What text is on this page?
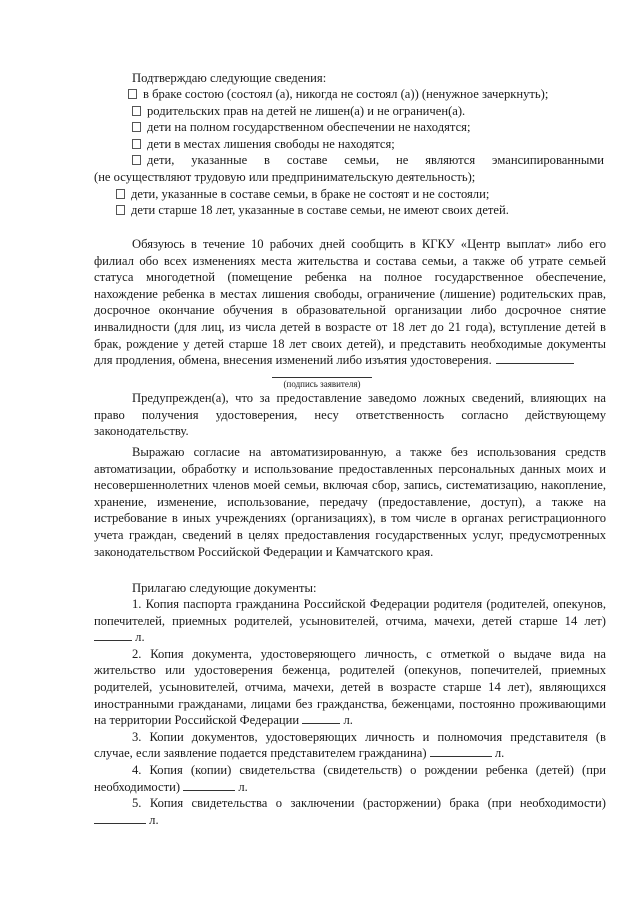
Подтверждаю следующие сведения:
в браке состою (состоял (а), никогда не состоял (а)) (ненужное зачеркнуть);
родительских прав на детей не лишен(а) и не ограничен(а).
дети на полном государственном обеспечении не находятся;
дети в местах лишения свободы не находятся;
дети, указанные в составе семьи, не являются эмансипированными
(не осуществляют трудовую или предпринимательскую деятельность);
дети, указанные в составе семьи, в браке не состоят и не состояли;
дети старше 18 лет, указанные в составе семьи, не имеют своих детей.

Обязуюсь в течение 10 рабочих дней сообщить в КГКУ «Центр выплат» либо его филиал обо всех изменениях места жительства и состава семьи, а также об утрате семьей статуса многодетной (помещение ребенка на полное государственное обеспечение, нахождение ребенка в местах лишения свободы, ограничение (лишение) родительских прав, досрочное окончание обучения в образовательной организации либо досрочное снятие инвалидности (для лиц, из числа детей в возрасте от 18 лет до 21 года), вступление детей в брак, рождение у детей старше 18 лет своих детей), и представить необходимые документы для продления, обмена, внесения изменений либо изъятия удостоверения.

(подпись заявителя)

Предупрежден(а), что за предоставление заведомо ложных сведений, влияющих на право получения удостоверения, несу ответственность согласно действующему законодательству.

Выражаю согласие на автоматизированную, а также без использования средств автоматизации, обработку и использование предоставленных персональных данных моих и несовершеннолетних членов моей семьи, включая сбор, запись, систематизацию, накопление, хранение, изменение, использование, передачу (предоставление, доступ), а также на истребование в иных учреждениях (организациях), в том числе в органах регистрационного учета граждан, сведений в целях предоставления государственных услуг, предусмотренных законодательством Российской Федерации и Камчатского края.

Прилагаю следующие документы:

1. Копия паспорта гражданина Российской Федерации родителя (родителей, опекунов, попечителей, приемных родителей, усыновителей, отчима, мачехи, детей старше 14 лет)  л.

2. Копия документа, удостоверяющего личность, с отметкой о выдаче вида на жительство или удостоверения беженца, родителей (опекунов, попечителей, приемных родителей, усыновителей, отчима, мачехи, детей в возрасте старше 14 лет), являющихся иностранными гражданами, лицами без гражданства, беженцами, постоянно проживающими на территории Российской Федерации	л.

3. Копии документов, удостоверяющих личность и полномочия представителя (в случае, если заявление подается представителем гражданина)	л.

4. Копия (копии) свидетельства (свидетельств) о рождении ребенка (детей) (при необходимости)	л.

5. Копия свидетельства о заключении (расторжении) брака (при необходимости)  л.
